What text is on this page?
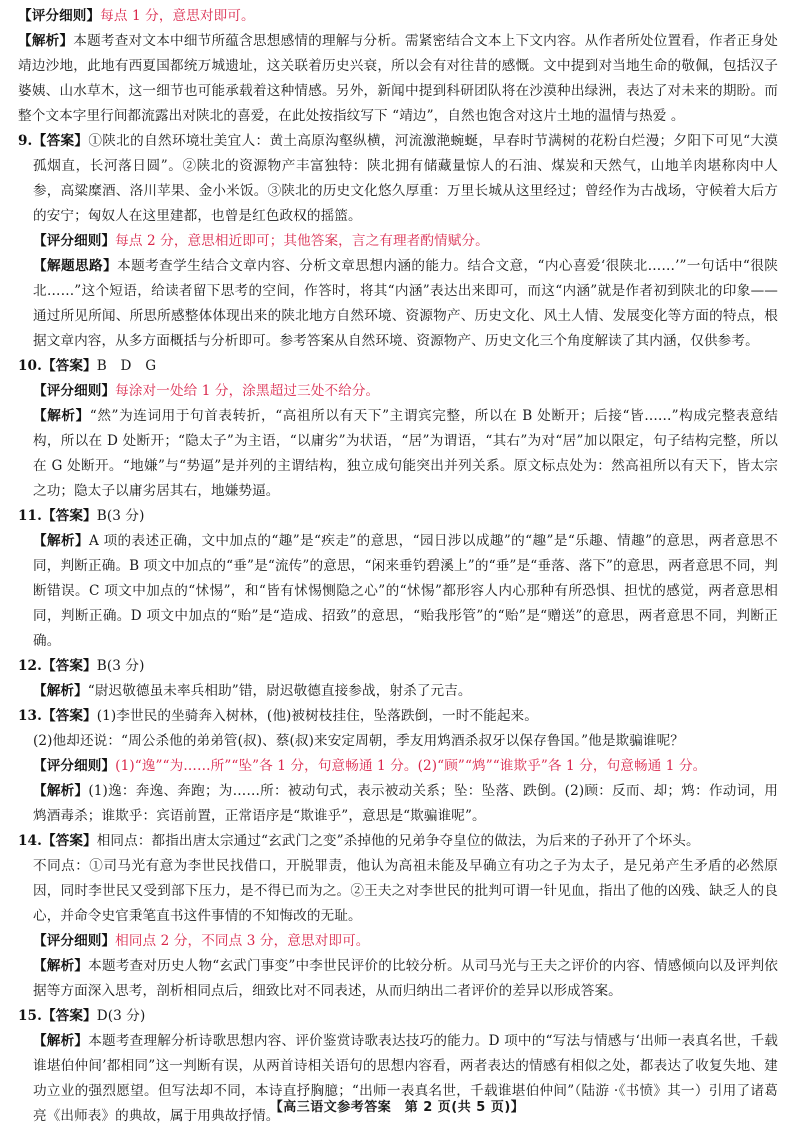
【评分细则】每点 1 分，意思对即可。

【解析】本题考查对文本中细节所蕴含思想感情的理解与分析。需紧密结合文本上下文内容。从作者所处位置看，作者正身处靖边沙地，此地有西夏国都统万城遗址，这关联着历史兴衰，所以会有对往昔的感慨。文中提到对当地生命的敬佩，包括汉子婆姨、山水草木，这一细节也可能承载着这种情感。另外，新闻中提到科研团队将在沙漠种出绿洲，表达了对未来的期盼。而整个文本字里行间都流露出对陕北的喜爱，在此处按指纹写下 “靖边”，自然也饱含对这片土地的温情与热爱 。

9.【答案】①陕北的自然环境壮美宜人：黄土高原沟壑纵横，河流激滟蜿蜒，早春时节满树的花粉白烂漫；夕阳下可见“大漠孤烟直，长河落日圆”。②陕北的资源物产丰富独特：陕北拥有储藏量惊人的石油、煤炭和天然气，山地羊肉堪称肉中人参，高粱糜酒、洛川苹果、金小米饭。③陕北的历史文化悠久厚重：万里长城从这里经过；曾经作为古战场，守候着大后方的安宁；匈奴人在这里建都，也曾是红色政权的摇篮。

【评分细则】每点 2 分，意思相近即可；其他答案，言之有理者酌情赋分。

【解题思路】本题考查学生结合文章内容、分析文章思想内涵的能力。结合文意，“内心喜爱‘很陕北……’”一句话中“很陕北……”这个短语，给读者留下思考的空间，作答时，将其“内涵”表达出来即可，而这“内涵”就是作者初到陕北的印象—— 通过所见所闻、所思所感整体体现出来的陕北地方自然环境、资源物产、历史文化、风土人情、发展变化等方面的特点，根据文章内容，从多方面概括与分析即可。参考答案从自然环境、资源物产、历史文化三个角度解读了其内涵，仅供参考。

10.【答案】B　D　G

【评分细则】每涂对一处给 1 分，涂黑超过三处不给分。

【解析】“然”为连词用于句首表转折，“高祖所以有天下”主谓宾完整，所以在 B 处断开；后接“皆……”构成完整表意结构，所以在 D 处断开；“隐太子”为主语，“以庸劣”为状语，“居”为谓语，“其右”为对“居”加以限定，句子结构完整，所以在 G 处断开。“地嫌”与“势逼”是并列的主谓结构，独立成句能突出并列关系。原文标点处为：然高祖所以有天下，皆太宗之功；隐太子以庸劣居其右，地嫌势逼。

11.【答案】B(3 分)

【解析】A 项的表述正确，文中加点的“趣”是“疾走”的意思，“园日涉以成趣”的“趣”是“乐趣、情趣”的意思，两者意思不同，判断正确。B 项文中加点的“垂”是“流传”的意思，“闲来垂钓碧溪上”的“垂”是“垂落、落下”的意思，两者意思不同，判断错误。C 项文中加点的“怵惕”，和“皆有怵惕恻隐之心”的“怵惕”都形容人内心那种有所恐惧、担忧的感觉，两者意思相同，判断正确。D 项文中加点的“贻”是“造成、招致”的意思，“贻我彤管”的“贻”是“赠送”的意思，两者意思不同，判断正确。

12.【答案】B(3 分)

【解析】“尉迟敬德虽未率兵相助”错，尉迟敬德直接参战，射杀了元吉。

13.【答案】(1)李世民的坐骑奔入树林，(他)被树枝挂住，坠落跌倒，一时不能起来。

(2)他却还说：“周公杀他的弟弟管(叔)、蔡(叔)来安定周朝，季友用鸩酒杀叔牙以保存鲁国。”他是欺骗谁呢？

【评分细则】(1)“逸”“为……所”“坠”各 1 分，句意畅通 1 分。(2)“顾”“鸩”“谁欺乎”各 1 分，句意畅通 1 分。

【解析】(1)逸：奔逸、奔跑；为……所：被动句式，表示被动关系；坠：坠落、跌倒。(2)顾：反而、却；鸩：作动词，用鸩酒毒杀；谁欺乎：宾语前置，正常语序是“欺谁乎”，意思是“欺骗谁呢”。

14.【答案】相同点：都指出唐太宗通过“玄武门之变”杀掉他的兄弟争夺皇位的做法，为后来的子孙开了个坏头。

不同点：①司马光有意为李世民找借口，开脱罪责，他认为高祖未能及早确立有功之子为太子，是兄弟产生矛盾的必然原因，同时李世民又受到部下压力，是不得已而为之。②王夫之对李世民的批判可谓一针见血，指出了他的凶残、缺乏人的良心，并命令史官秉笔直书这件事情的不知悔改的无耻。

【评分细则】相同点 2 分，不同点 3 分，意思对即可。

【解析】本题考查对历史人物“玄武门事变”中李世民评价的比较分析。从司马光与王夫之评价的内容、情感倾向以及评判依据等方面深入思考，剖析相同点后，细致比对不同表述，从而归纳出二者评价的差异以形成答案。

15.【答案】D(3 分)

【解析】本题考查理解分析诗歌思想内容、评价鉴赏诗歌表达技巧的能力。D 项中的“写法与情感与‘出师一表真名世，千载谁堪伯仲间’都相同”这一判断有误，从两首诗相关语句的思想内容看，两者表达的情感有相似之处，都表达了收复失地、建功立业的强烈愿望。但写法却不同，本诗直抒胸臆；“出师一表真名世，千载谁堪伯仲间”（陆游 ·《书愤》其一）引用了诸葛亮《出师表》的典故，属于用典故抒情。

【高三语文参考答案　第 2 页(共 5 页)】
